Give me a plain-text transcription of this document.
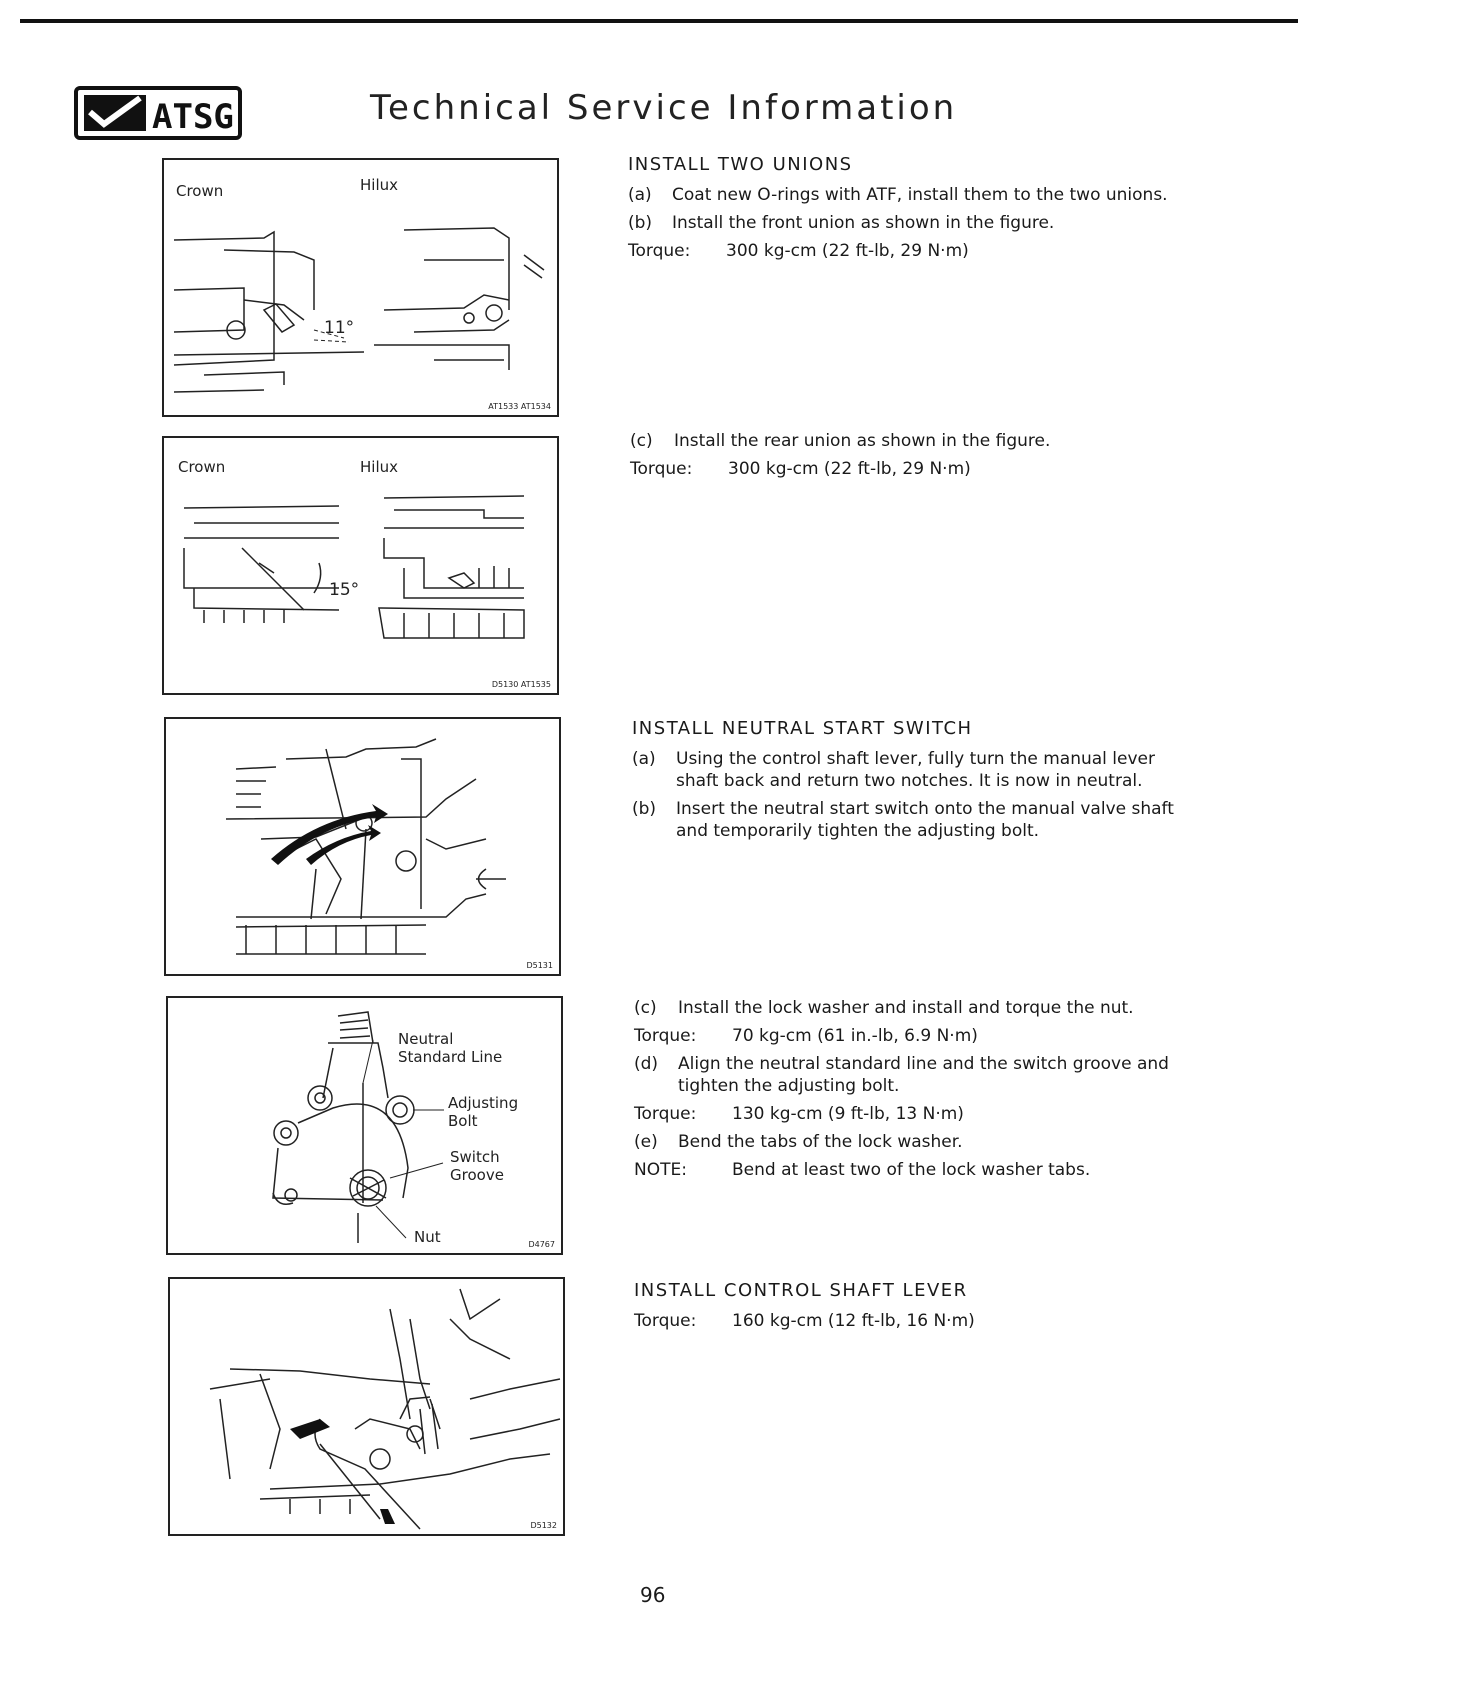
ATSG	Technical Service Information
Crown	Hilux
11°
AT1533 AT1534
Crown	Hilux
15°
D5130 AT1535
D5131
Neutral
Standard Line
Adjusting
Bolt
Switch
Groove
Nut	D4767
D5132
INSTALL TWO UNIONS
(a)	Coat new O-rings with ATF, install them to the two unions.
(b)	Install the front union as shown in the figure.
Torque:	300 kg-cm (22 ft-lb, 29 N·m)
(c)	Install the rear union as shown in the figure.
Torque:	300 kg-cm (22 ft-lb, 29 N·m)
INSTALL NEUTRAL START SWITCH
(a)	Using the control shaft lever, fully turn the manual lever shaft back and return two notches. It is now in neutral.
(b)	Insert the neutral start switch onto the manual valve shaft and temporarily tighten the adjusting bolt.
(c)	Install the lock washer and install and torque the nut.
Torque:	70 kg-cm (61 in.-lb, 6.9 N·m)
(d)	Align the neutral standard line and the switch groove and tighten the adjusting bolt.
Torque:	130 kg-cm (9 ft-lb, 13 N·m)
(e)	Bend the tabs of the lock washer.
NOTE:	Bend at least two of the lock washer tabs.
INSTALL CONTROL SHAFT LEVER
Torque:	160 kg-cm (12 ft-lb, 16 N·m)
96
